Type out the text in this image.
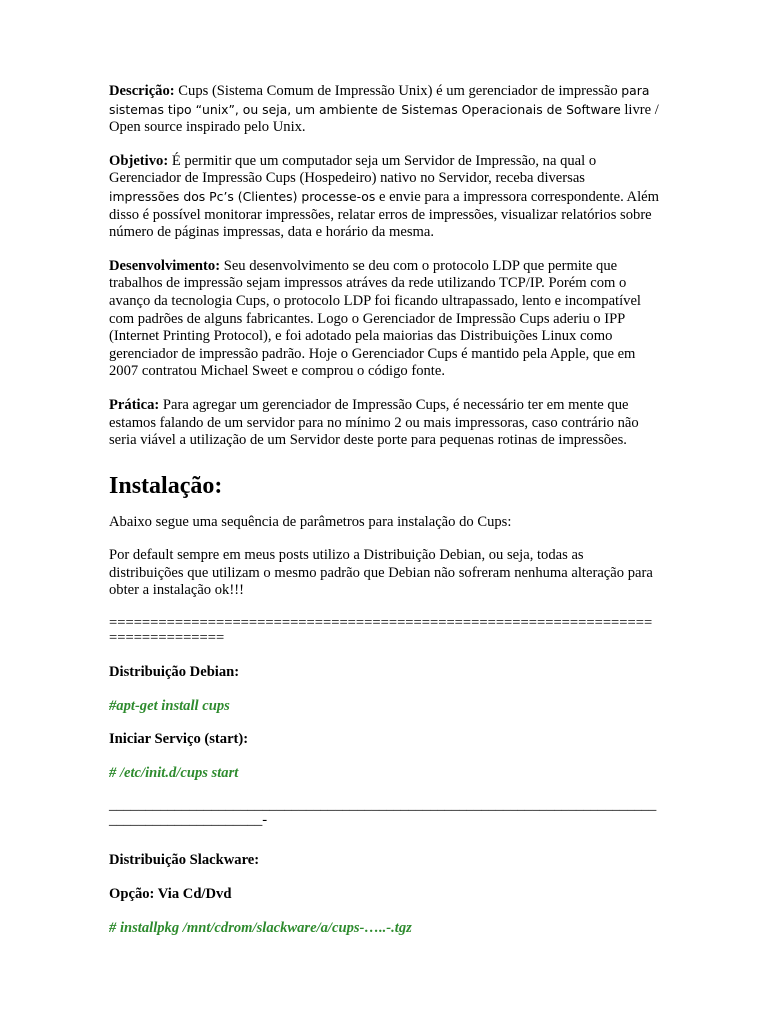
Descrição: Cups (Sistema Comum de Impressão Unix) é um gerenciador de impressão para sistemas tipo “unix”, ou seja, um ambiente de Sistemas Operacionais de Software livre / Open source inspirado pelo Unix.

Objetivo: É permitir que um computador seja um Servidor de Impressão, na qual o Gerenciador de Impressão Cups (Hospedeiro) nativo no Servidor, receba diversas impressões dos Pc’s (Clientes) processe-os e envie para a impressora correspondente. Além disso é possível monitorar impressões, relatar erros de impressões, visualizar relatórios sobre número de páginas impressas, data e horário da mesma.

Desenvolvimento: Seu desenvolvimento se deu com o protocolo LDP que permite que trabalhos de impressão sejam impressos atráves da rede utilizando TCP/IP. Porém com o avanço da tecnologia Cups, o protocolo LDP foi ficando ultrapassado, lento e incompatível com padrões de alguns fabricantes. Logo o Gerenciador de Impressão Cups aderiu o IPP (Internet Printing Protocol), e foi adotado pela maiorias das Distribuições Linux como gerenciador de impressão padrão. Hoje o Gerenciador Cups é mantido pela Apple, que em 2007 contratou Michael Sweet e comprou o código fonte.

Prática: Para agregar um gerenciador de Impressão Cups, é necessário ter em mente que estamos falando de um servidor para no mínimo 2 ou mais impressoras, caso contrário não seria viável a utilização de um Servidor deste porte para pequenas rotinas de impressões.

Instalação:

Abaixo segue uma sequência de parâmetros para instalação do Cups:

Por default sempre em meus posts utilizo a Distribuição Debian, ou seja, todas as distribuições que utilizam o mesmo padrão que Debian não sofreram nenhuma alteração para obter a instalação ok!!!

================================================================================

Distribuição Debian:

#apt-get install cups

Iniciar Serviço (start):

# /etc/init.d/cups start

________________________________________________________________________________________________-

Distribuição Slackware:

Opção: Via Cd/Dvd

# installpkg /mnt/cdrom/slackware/a/cups-…..-.tgz
